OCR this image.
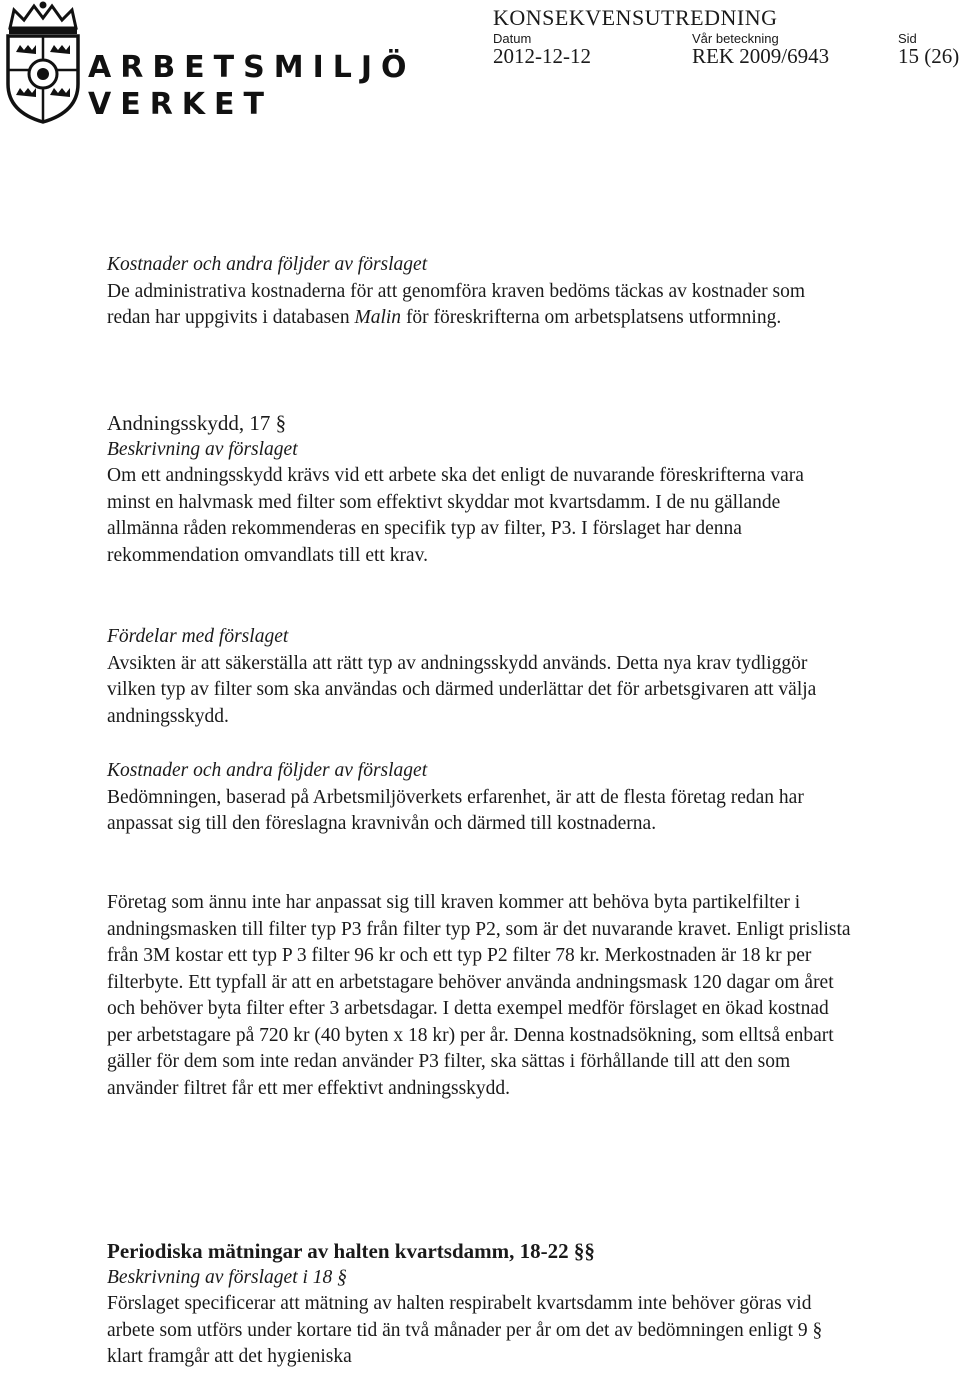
ARBETSMILJÖ
VERKET
KONSEKVENSUTREDNING
Datum	Vår beteckning	Sid
2012-12-12	REK 2009/6943	15 (26)

Kostnader och andra följder av förslaget

De administrativa kostnaderna för att genomföra kraven bedöms täckas av kostnader som redan har uppgivits i databasen Malin för föreskrifterna om arbetsplatsens utformning.

Andningsskydd, 17 §

Beskrivning av förslaget

Om ett andningsskydd krävs vid ett arbete ska det enligt de nuvarande föreskrifterna vara minst en halvmask med filter som effektivt skyddar mot kvartsdamm. I de nu gällande allmänna råden rekommenderas en specifik typ av filter, P3. I förslaget har denna rekommendation omvandlats till ett krav.

Fördelar med förslaget

Avsikten är att säkerställa att rätt typ av andningsskydd används. Detta nya krav tydliggör vilken typ av filter som ska användas och därmed underlättar det för arbetsgivaren att välja andningsskydd.

Kostnader och andra följder av förslaget

Bedömningen, baserad på Arbetsmiljöverkets erfarenhet, är att de flesta företag redan har anpassat sig till den föreslagna kravnivån och därmed till kostnaderna.

Företag som ännu inte har anpassat sig till kraven kommer att behöva byta partikelfilter i andningsmasken till filter typ P3 från filter typ P2, som är det nuvarande kravet. Enligt prislista från 3M kostar ett typ P 3 filter 96 kr och ett typ P2 filter 78 kr. Merkostnaden är 18 kr per filterbyte. Ett typfall är att en arbetstagare behöver använda andningsmask 120 dagar om året och behöver byta filter efter 3 arbetsdagar. I detta exempel medför förslaget en ökad kostnad per arbetstagare på 720 kr (40 byten x 18 kr) per år. Denna kostnadsökning, som elltså enbart gäller för dem som inte redan använder P3 filter, ska sättas i förhållande till att den som använder filtret får ett mer effektivt andningsskydd.

Periodiska mätningar av halten kvartsdamm, 18-22 §§

Beskrivning av förslaget i 18 §

Förslaget specificerar att mätning av halten respirabelt kvartsdamm inte behöver göras vid arbete som utförs under kortare tid än två månader per år om det av bedömningen enligt 9 § klart framgår att det hygieniska
